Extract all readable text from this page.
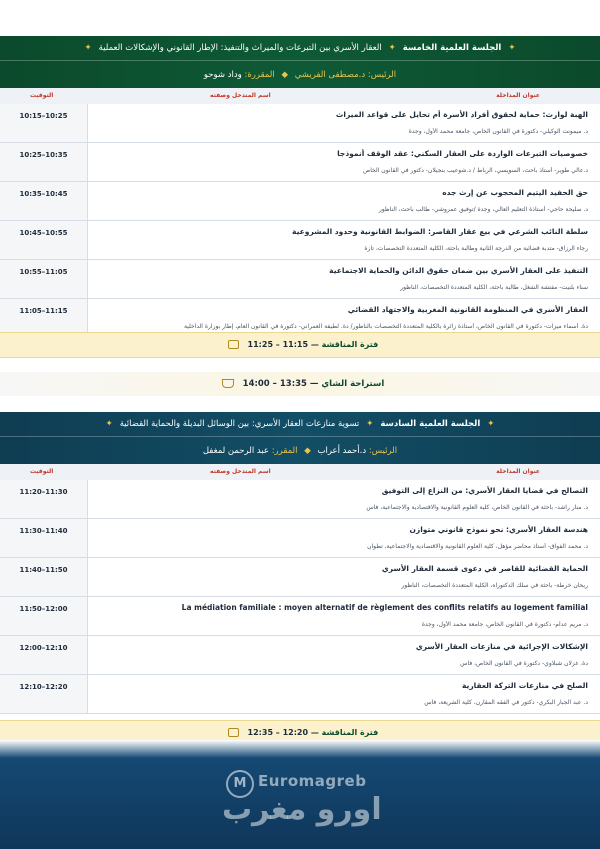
✦ الجلسة العلمية الخامسة ✦ العقار الأسري بين التبرعات والميراث والتنفيذ: الإطار القانوني والإشكالات العملية ✦
الرئيس: د.مصطفى الفريشي ◆ المقررة: وداد شوحو
التوقيت	اسم المتدخل وصفته	عنوان المداخلة
10:15–10:25	الهبة لوارث: حماية لحقوق أفراد الأسرة أم تحايل على قواعد الميراث
د. ميمونت الوكيلي- دكتورة في القانون الخاص، جامعة محمد الأول، وجدة
10:25–10:35	خصوصيات التبرعات الواردة على العقار السكني: عقد الوقف أنموذجا
د.عالي طوير- أستاذ باحث، السويسي، الرباط / د.شوعيب بنجيلان- دكتور في القانون الخاص
10:35–10:45	حق الحفيد اليتيم المحجوب عن إرث جده
د. صليحة حاجي- أستاذة التعليم العالي، وجدة /توفيق عمروشي- طالب باحث، الناظور
10:45–10:55	سلطة النائب الشرعي في بيع عقار القاصر: الضوابط القانونية وحدود المشروعية
رجاء الرزاق- متدبة قضائية من الدرجة الثانية وطالبة باحثة، الكلية المتعددة التخصصات، تازة
10:55–11:05	التنفيذ على العقار الأسري بين ضمان حقوق الدائن والحماية الاجتماعية
سناء بلنيت- مفتشة الشغل، طالبة باحثة، الكلية المتعددة التخصصات، الناظور
11:05–11:15	العقار الأسري في المنظومة القانونية المغربية والاجتهاد القضائي
دة. أسماء ميزات- دكتورة في القانون الخاص، أستاذة زائرة بالكلية المتعددة التخصصات بالناظور/ دة. لطيفة العمراني- دكتورة في القانون العام، إطار بوزارة الداخلية
فترة المناقشة — 11:15 – 11:25
استراحة الشاي — 13:35 – 14:00
✦ الجلسة العلمية السادسة ✦ تسوية منازعات العقار الأسري: بين الوسائل البديلة والحماية القضائية ✦
الرئيس: د.أحمد أعراب ◆ المقرر: عبد الرحمن لمغفل
التوقيت	اسم المتدخل وصفته	عنوان المداخلة
11:20–11:30	التصالح في قضايا العقار الأسري: من النزاع إلى التوفيق
د. منار راشد- باحثة في القانون الخاص، كلية العلوم القانونية والاقتصادية والاجتماعية، فاس
11:30–11:40	هندسة العقار الأسري: نحو نموذج قانوني متوازن
د. محمد الفواق- أستاذ محاضر مؤهل، كلية العلوم القانونية والاقتصادية والاجتماعية، تطوان
11:40–11:50	الحماية القضائية للقاصر في دعوى قسمة العقار الأسري
ريحان خرطة- باحثة في سلك الدكتوراه، الكلية المتعددة التخصصات، الناظور
11:50–12:00	La médiation familiale : moyen alternatif de règlement des conflits relatifs au logement familial
د. مريم عدام- دكتورة في القانون الخاص، جامعة محمد الأول، وجدة
12:00–12:10	الإشكالات الإجرائية في منازعات العقار الأسري
دة. غزلان شبلاوي- دكتورة في القانون الخاص، فاس
12:10–12:20	الصلح في منازعات التركة العقارية
د. عبد الجبار البكري- دكتور في الفقه المقارن، كلية الشريعة، فاس
فترة المناقشة — 12:20 – 12:35
M Euromagreb
اورو مغرب
